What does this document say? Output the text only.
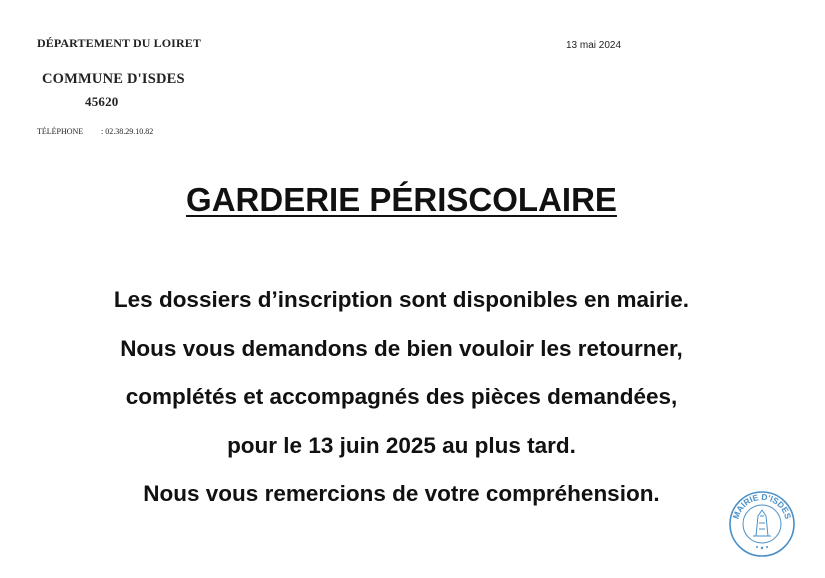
DÉPARTEMENT DU LOIRET
COMMUNE D'ISDES
45620
TÉLÉPHONE : 02.38.29.10.82
13 mai 2024
GARDERIE PÉRISCOLAIRE
Les dossiers d’inscription sont disponibles en mairie.
Nous vous demandons de bien vouloir les retourner,
complétés et accompagnés des pièces demandées,
pour le 13 juin 2025 au plus tard.
Nous vous remercions de votre compréhension.
MAIRIE D'ISDES
